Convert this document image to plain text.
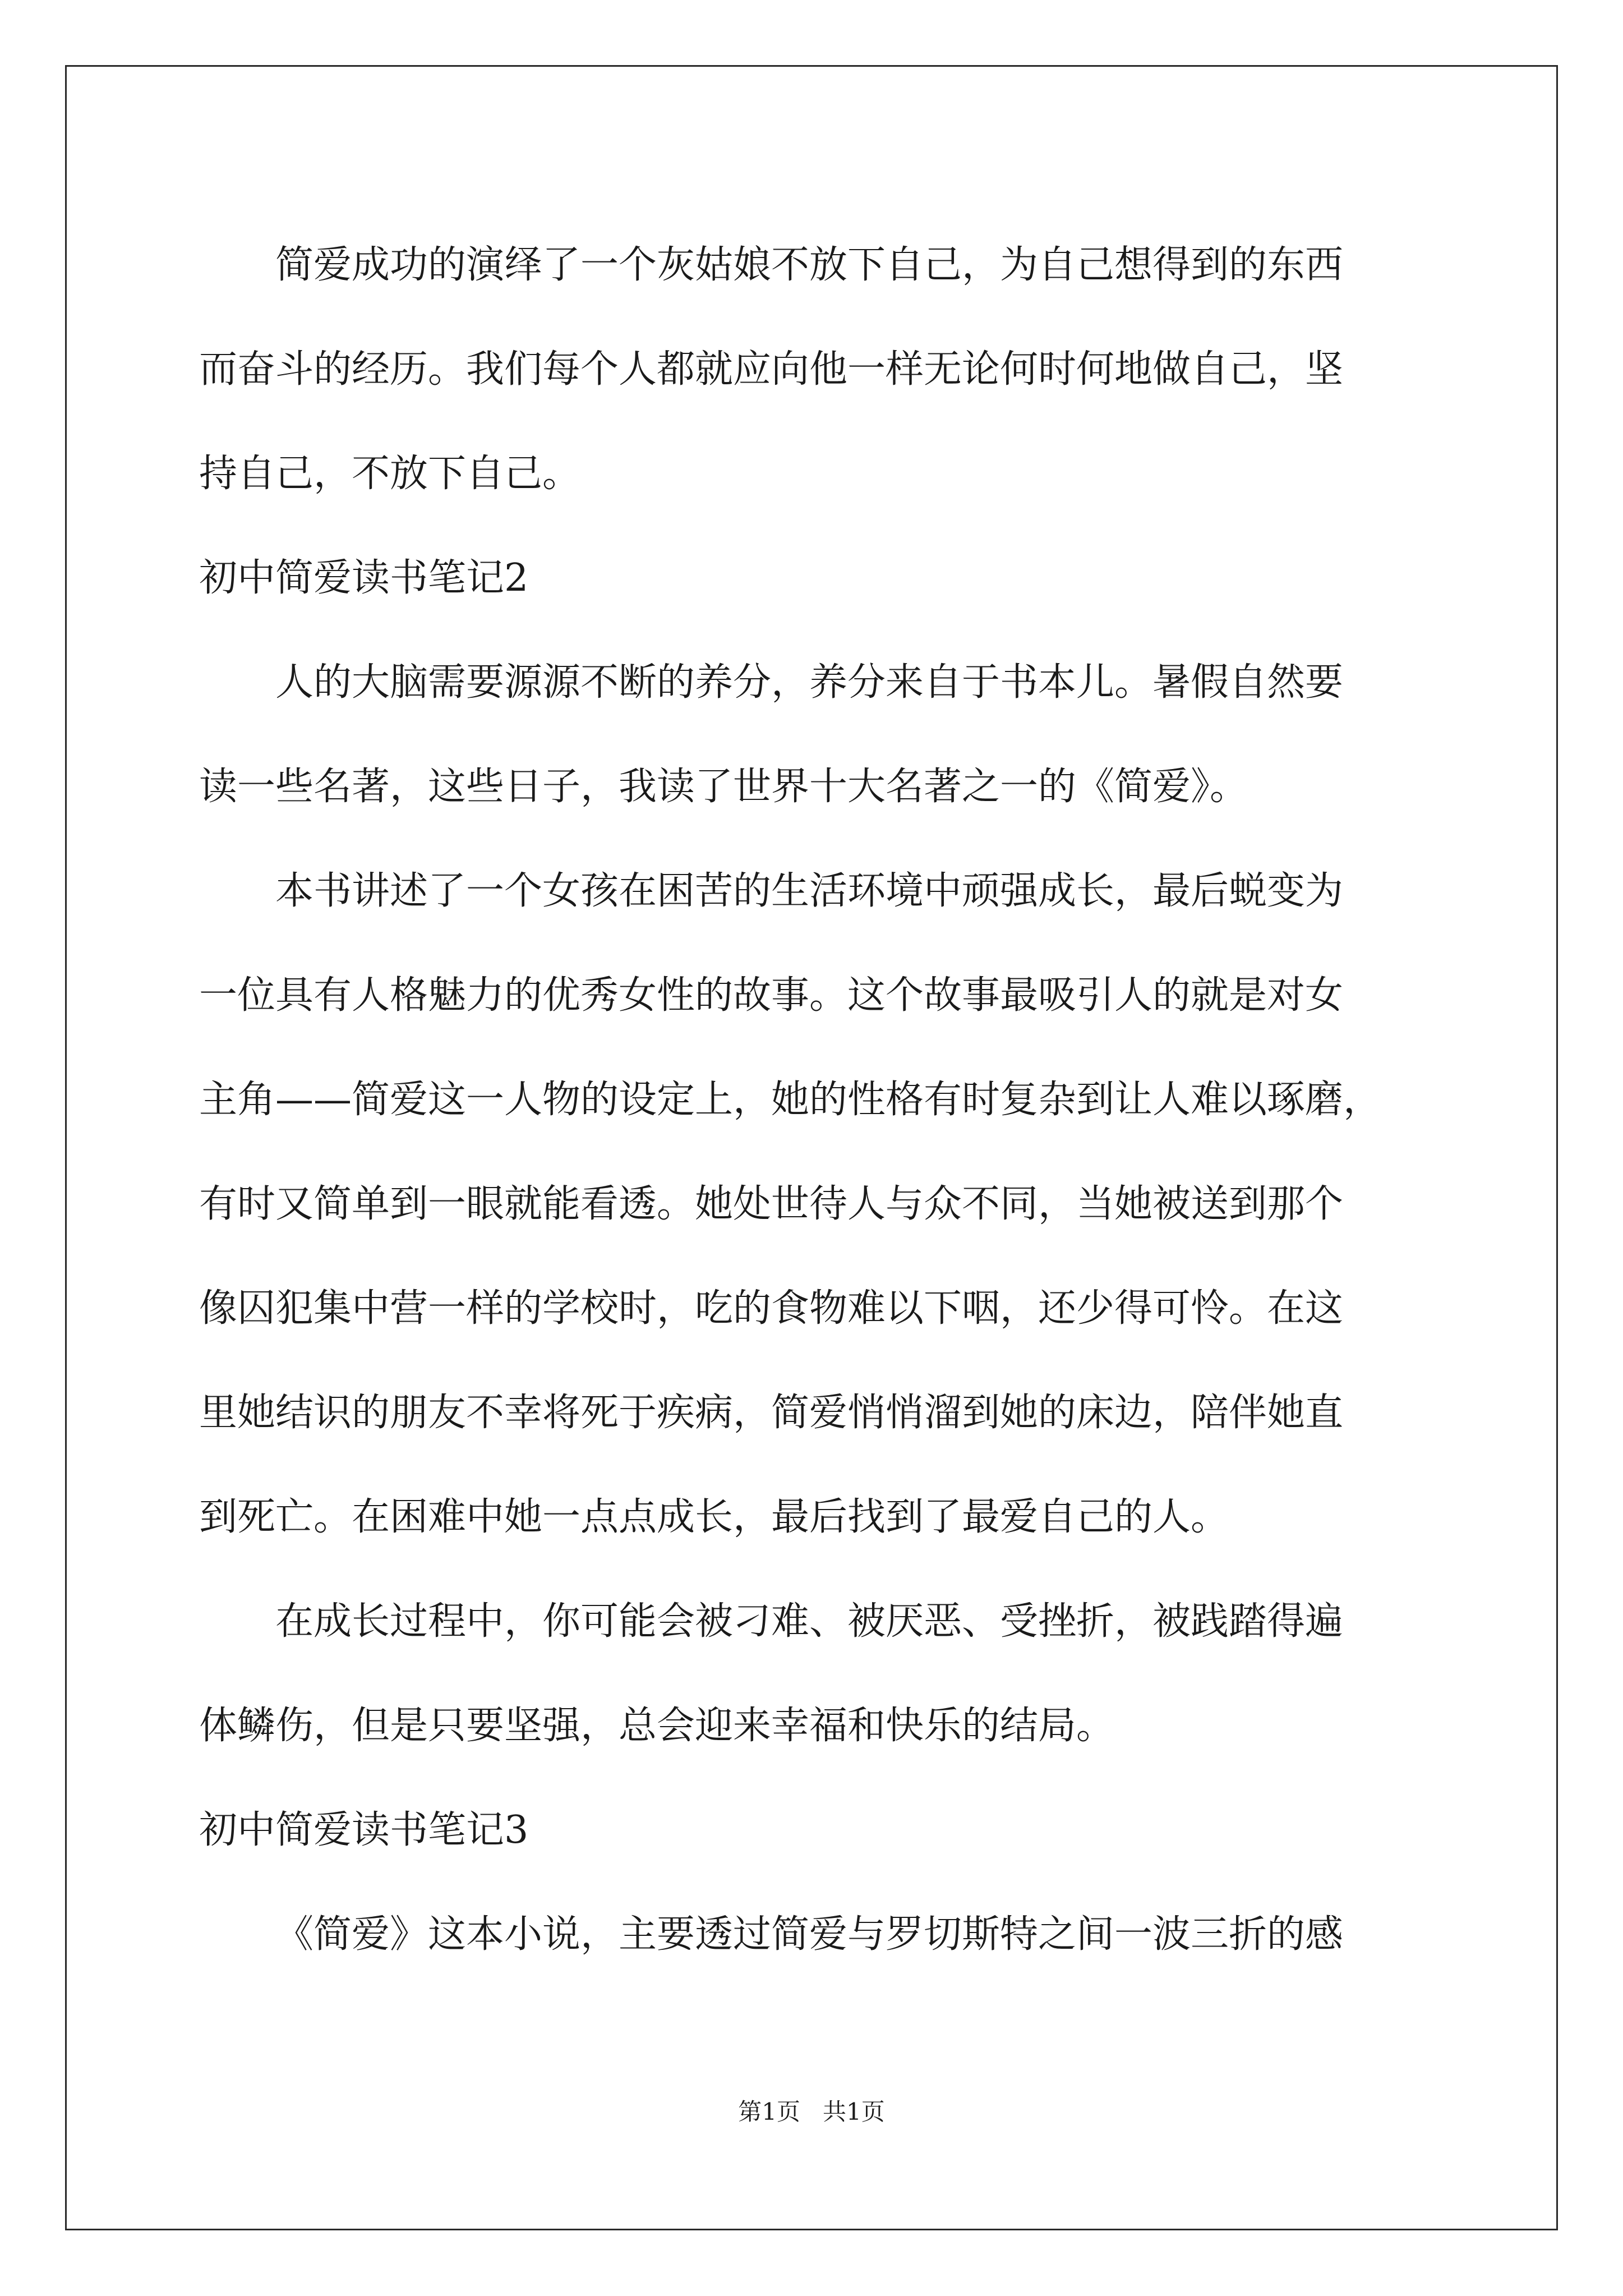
简爱成功的演绎了一个灰姑娘不放下自己，为自己想得到的东西
而奋斗的经历。我们每个人都就应向他一样无论何时何地做自己，坚
持自己，不放下自己。
初中简爱读书笔记2
人的大脑需要源源不断的养分，养分来自于书本儿。暑假自然要
读一些名著，这些日子，我读了世界十大名著之一的《简爱》。
本书讲述了一个女孩在困苦的生活环境中顽强成长，最后蜕变为
一位具有人格魅力的优秀女性的故事。这个故事最吸引人的就是对女
主角——简爱这一人物的设定上，她的性格有时复杂到让人难以琢磨，
有时又简单到一眼就能看透。她处世待人与众不同，当她被送到那个
像囚犯集中营一样的学校时，吃的食物难以下咽，还少得可怜。在这
里她结识的朋友不幸将死于疾病，简爱悄悄溜到她的床边，陪伴她直
到死亡。在困难中她一点点成长，最后找到了最爱自己的人。
在成长过程中，你可能会被刁难、被厌恶、受挫折，被践踏得遍
体鳞伤，但是只要坚强，总会迎来幸福和快乐的结局。
初中简爱读书笔记3
《简爱》这本小说，主要透过简爱与罗切斯特之间一波三折的感
第1页   共1页
